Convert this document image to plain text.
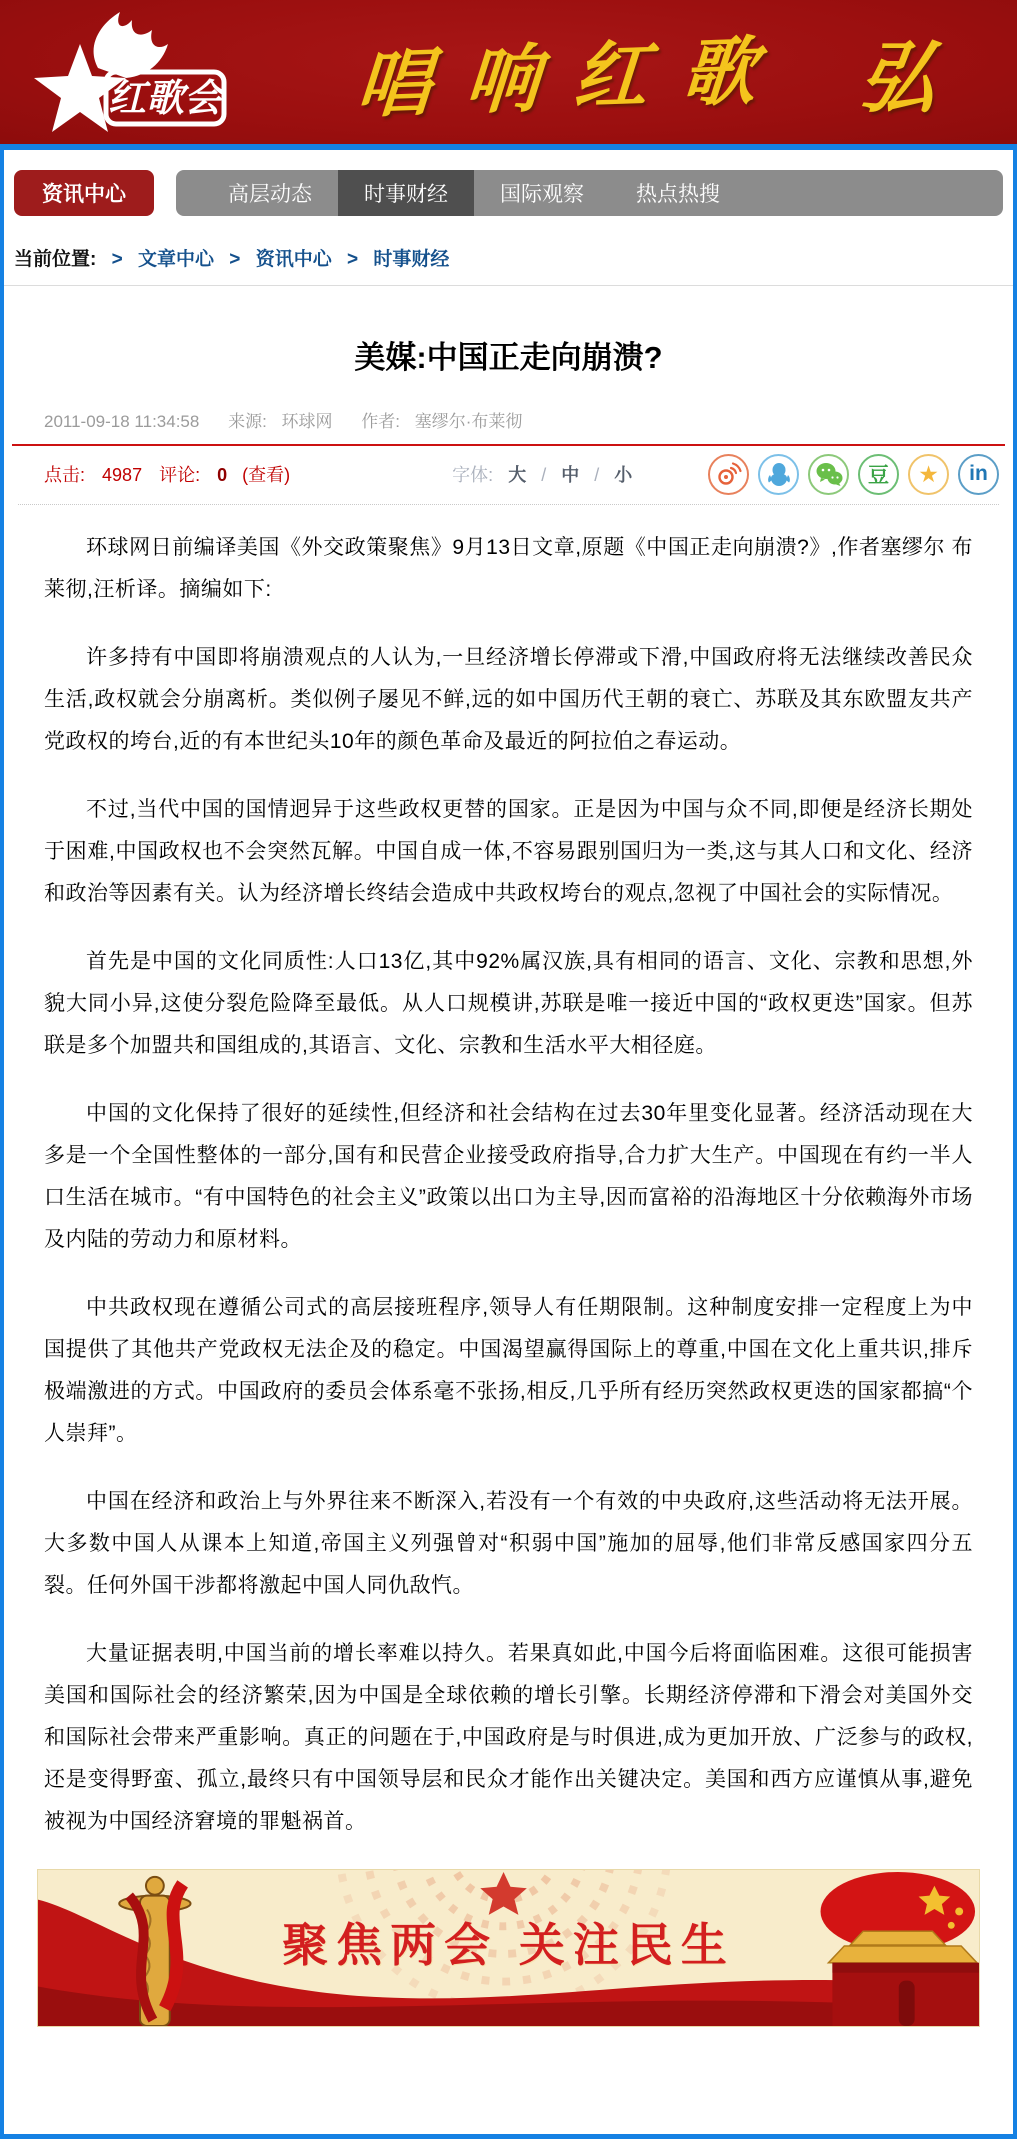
红歌会 唱响红歌 弘
资讯中心	高层动态	时事财经	国际观察	热点热搜
当前位置: > 文章中心 > 资讯中心 > 时事财经
美媒:中国正走向崩溃?
2011-09-18 11:34:58 来源: 环球网 作者: 塞缪尔·布莱彻
点击: 4987 评论: 0 (查看)	字体: 大 / 中 / 小	豆 ★ in

环球网日前编译美国《外交政策聚焦》9月13日文章,原题《中国正走向崩溃?》,作者塞缪尔 布莱彻,汪析译。摘编如下:

许多持有中国即将崩溃观点的人认为,一旦经济增长停滞或下滑,中国政府将无法继续改善民众生活,政权就会分崩离析。类似例子屡见不鲜,远的如中国历代王朝的衰亡、苏联及其东欧盟友共产党政权的垮台,近的有本世纪头10年的颜色革命及最近的阿拉伯之春运动。

不过,当代中国的国情迥异于这些政权更替的国家。正是因为中国与众不同,即便是经济长期处于困难,中国政权也不会突然瓦解。中国自成一体,不容易跟别国归为一类,这与其人口和文化、经济和政治等因素有关。认为经济增长终结会造成中共政权垮台的观点,忽视了中国社会的实际情况。

首先是中国的文化同质性:人口13亿,其中92%属汉族,具有相同的语言、文化、宗教和思想,外貌大同小异,这使分裂危险降至最低。从人口规模讲,苏联是唯一接近中国的“政权更迭”国家。但苏联是多个加盟共和国组成的,其语言、文化、宗教和生活水平大相径庭。

中国的文化保持了很好的延续性,但经济和社会结构在过去30年里变化显著。经济活动现在大多是一个全国性整体的一部分,国有和民营企业接受政府指导,合力扩大生产。中国现在有约一半人口生活在城市。“有中国特色的社会主义”政策以出口为主导,因而富裕的沿海地区十分依赖海外市场及内陆的劳动力和原材料。

中共政权现在遵循公司式的高层接班程序,领导人有任期限制。这种制度安排一定程度上为中国提供了其他共产党政权无法企及的稳定。中国渴望赢得国际上的尊重,中国在文化上重共识,排斥极端激进的方式。中国政府的委员会体系毫不张扬,相反,几乎所有经历突然政权更迭的国家都搞“个人崇拜”。

中国在经济和政治上与外界往来不断深入,若没有一个有效的中央政府,这些活动将无法开展。大多数中国人从课本上知道,帝国主义列强曾对“积弱中国”施加的屈辱,他们非常反感国家四分五裂。任何外国干涉都将激起中国人同仇敌忾。

大量证据表明,中国当前的增长率难以持久。若果真如此,中国今后将面临困难。这很可能损害美国和国际社会的经济繁荣,因为中国是全球依赖的增长引擎。长期经济停滞和下滑会对美国外交和国际社会带来严重影响。真正的问题在于,中国政府是与时俱进,成为更加开放、广泛参与的政权,还是变得野蛮、孤立,最终只有中国领导层和民众才能作出关键决定。美国和西方应谨慎从事,避免被视为中国经济窘境的罪魁祸首。

聚焦两会 关注民生
